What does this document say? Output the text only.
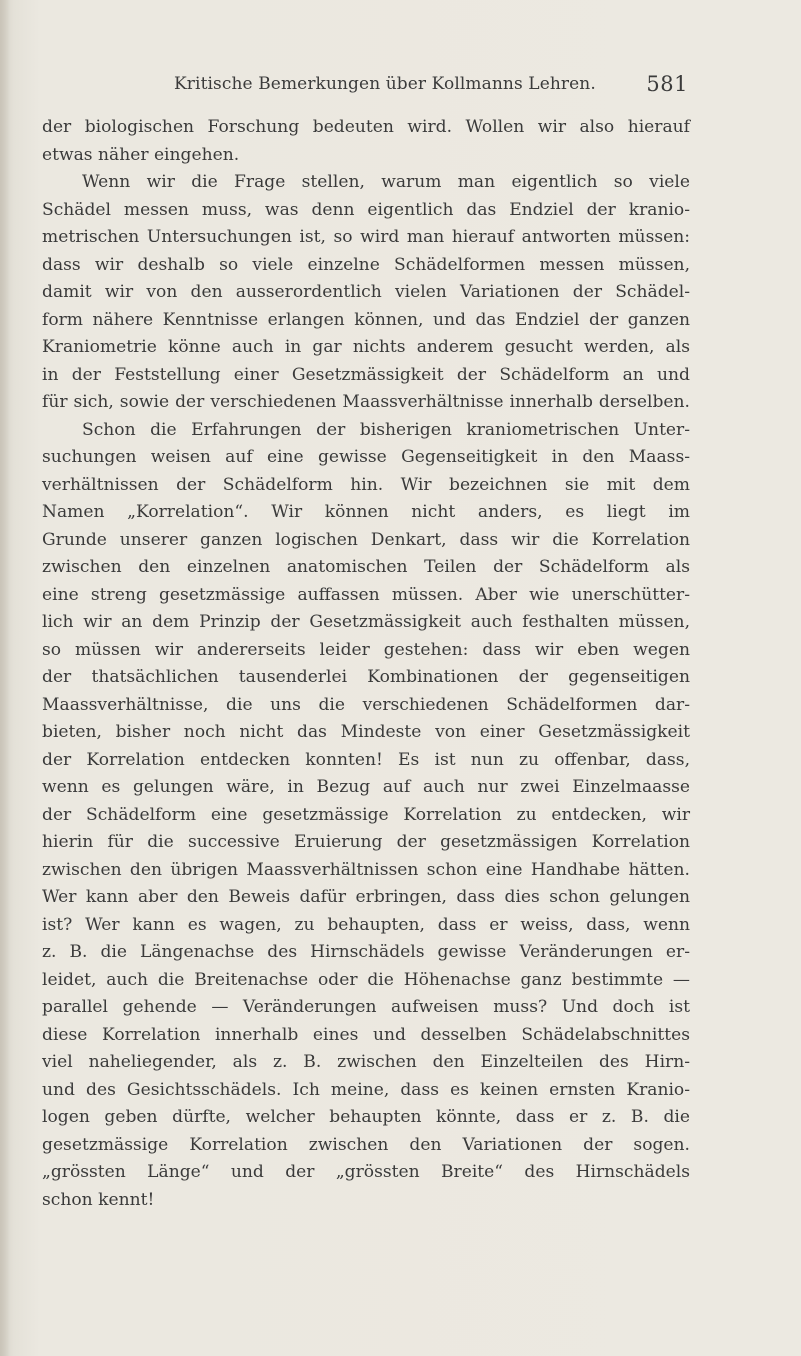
Kritische Bemerkungen über Kollmanns Lehren. 581
der biologischen Forschung bedeuten wird. Wollen wir also hierauf
etwas näher eingehen.
Wenn wir die Frage stellen, warum man eigentlich so viele
Schädel messen muss, was denn eigentlich das Endziel der kranio-
metrischen Untersuchungen ist, so wird man hierauf antworten müssen:
dass wir deshalb so viele einzelne Schädelformen messen müssen,
damit wir von den ausserordentlich vielen Variationen der Schädel-
form nähere Kenntnisse erlangen können, und das Endziel der ganzen
Kraniometrie könne auch in gar nichts anderem gesucht werden, als
in der Feststellung einer Gesetzmässigkeit der Schädelform an und
für sich, sowie der verschiedenen Maassverhältnisse innerhalb derselben.
Schon die Erfahrungen der bisherigen kraniometrischen Unter-
suchungen weisen auf eine gewisse Gegenseitigkeit in den Maass-
verhältnissen der Schädelform hin. Wir bezeichnen sie mit dem
Namen „Korrelation“. Wir können nicht anders, es liegt im
Grunde unserer ganzen logischen Denkart, dass wir die Korrelation
zwischen den einzelnen anatomischen Teilen der Schädelform als
eine streng gesetzmässige auffassen müssen. Aber wie unerschütter-
lich wir an dem Prinzip der Gesetzmässigkeit auch festhalten müssen,
so müssen wir andererseits leider gestehen: dass wir eben wegen
der thatsächlichen tausenderlei Kombinationen der gegenseitigen
Maassverhältnisse, die uns die verschiedenen Schädelformen dar-
bieten, bisher noch nicht das Mindeste von einer Gesetzmässigkeit
der Korrelation entdecken konnten! Es ist nun zu offenbar, dass,
wenn es gelungen wäre, in Bezug auf auch nur zwei Einzelmaasse
der Schädelform eine gesetzmässige Korrelation zu entdecken, wir
hierin für die successive Eruierung der gesetzmässigen Korrelation
zwischen den übrigen Maassverhältnissen schon eine Handhabe hätten.
Wer kann aber den Beweis dafür erbringen, dass dies schon gelungen
ist? Wer kann es wagen, zu behaupten, dass er weiss, dass, wenn
z. B. die Längenachse des Hirnschädels gewisse Veränderungen er-
leidet, auch die Breitenachse oder die Höhenachse ganz bestimmte —
parallel gehende — Veränderungen aufweisen muss? Und doch ist
diese Korrelation innerhalb eines und desselben Schädelabschnittes
viel naheliegender, als z. B. zwischen den Einzelteilen des Hirn-
und des Gesichtsschädels. Ich meine, dass es keinen ernsten Kranio-
logen geben dürfte, welcher behaupten könnte, dass er z. B. die
gesetzmässige Korrelation zwischen den Variationen der sogen.
„grössten Länge“ und der „grössten Breite“ des Hirnschädels
schon kennt!
